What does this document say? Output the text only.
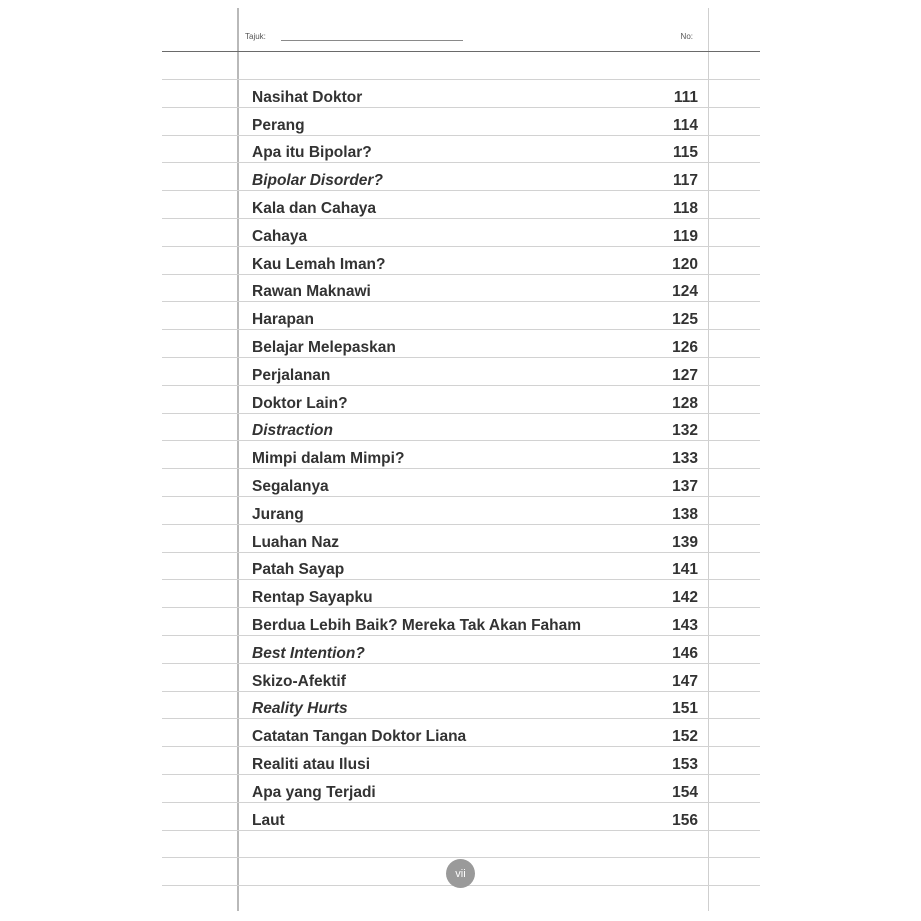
Tajuk:	No:
Nasihat Doktor	111
Perang	114
Apa itu Bipolar?	115
Bipolar Disorder?	117
Kala dan Cahaya	118
Cahaya	119
Kau Lemah Iman?	120
Rawan Maknawi	124
Harapan	125
Belajar Melepaskan	126
Perjalanan	127
Doktor Lain?	128
Distraction	132
Mimpi dalam Mimpi?	133
Segalanya	137
Jurang	138
Luahan Naz	139
Patah Sayap	141
Rentap Sayapku	142
Berdua Lebih Baik? Mereka Tak Akan Faham	143
Best Intention?	146
Skizo-Afektif	147
Reality Hurts	151
Catatan Tangan Doktor Liana	152
Realiti atau Ilusi	153
Apa yang Terjadi	154
Laut	156
vii
